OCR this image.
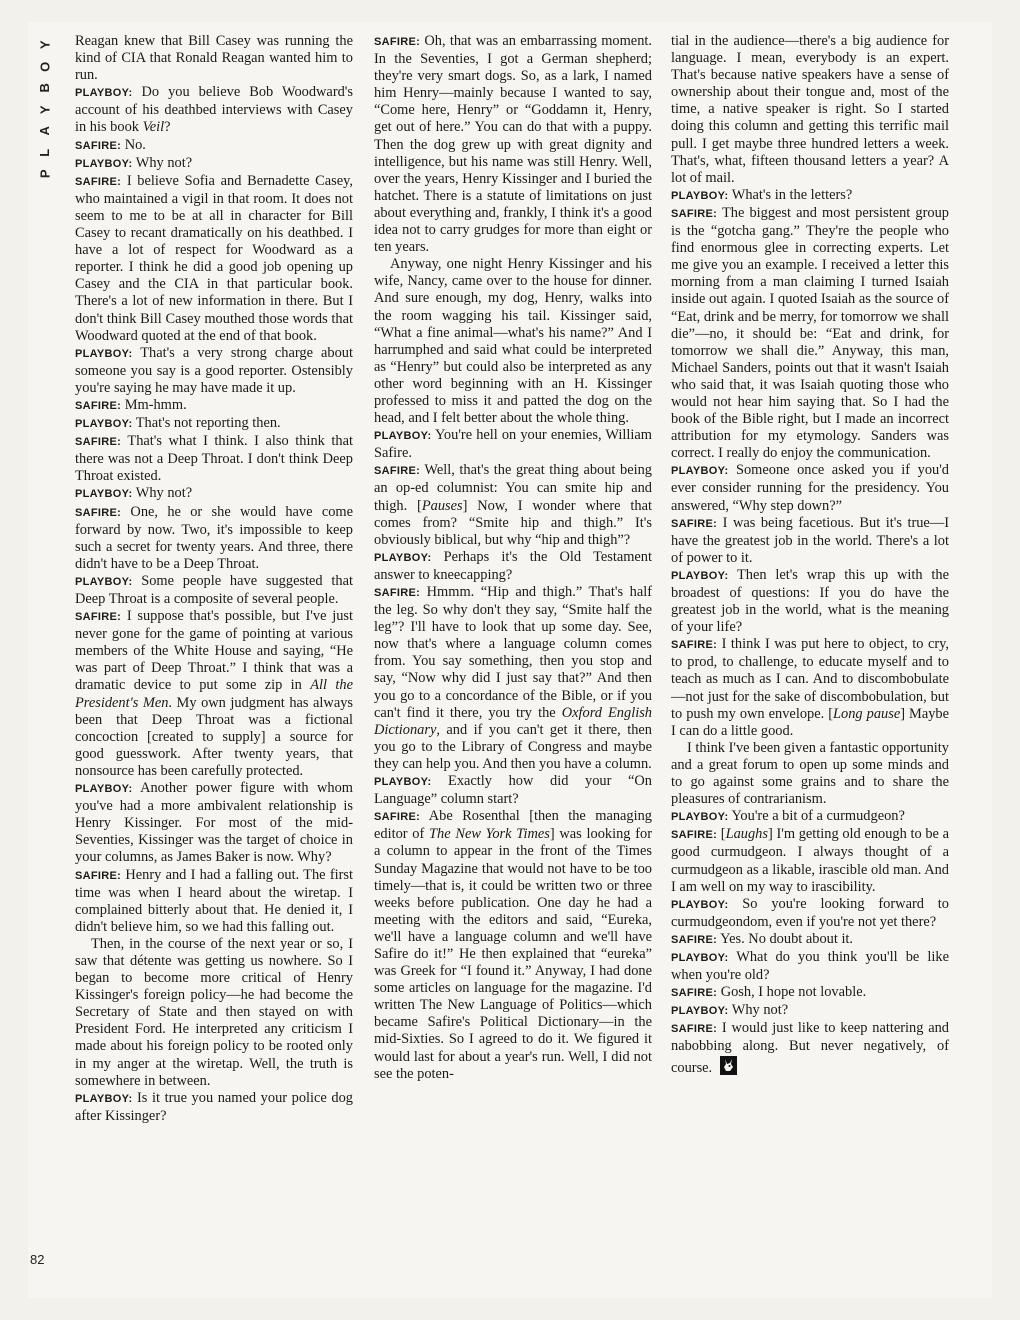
Y
O
B
Y
A
L
P

Reagan knew that Bill Casey was running the kind of CIA that Ronald Reagan wanted him to run.

PLAYBOY: Do you believe Bob Woodward's account of his deathbed interviews with Casey in his book Veil?

SAFIRE: No.

PLAYBOY: Why not?

SAFIRE: I believe Sofia and Bernadette Casey, who maintained a vigil in that room. It does not seem to me to be at all in character for Bill Casey to recant dramatically on his deathbed. I have a lot of respect for Woodward as a reporter. I think he did a good job opening up Casey and the CIA in that particular book. There's a lot of new information in there. But I don't think Bill Casey mouthed those words that Woodward quoted at the end of that book.

PLAYBOY: That's a very strong charge about someone you say is a good reporter. Ostensibly you're saying he may have made it up.

SAFIRE: Mm-hmm.

PLAYBOY: That's not reporting then.

SAFIRE: That's what I think. I also think that there was not a Deep Throat. I don't think Deep Throat existed.

PLAYBOY: Why not?

SAFIRE: One, he or she would have come forward by now. Two, it's impossible to keep such a secret for twenty years. And three, there didn't have to be a Deep Throat.

PLAYBOY: Some people have suggested that Deep Throat is a composite of several people.

SAFIRE: I suppose that's possible, but I've just never gone for the game of pointing at various members of the White House and saying, “He was part of Deep Throat.” I think that was a dramatic device to put some zip in All the President's Men. My own judgment has always been that Deep Throat was a fictional concoction [created to supply] a source for good guesswork. After twenty years, that nonsource has been carefully protected.

PLAYBOY: Another power figure with whom you've had a more ambivalent relationship is Henry Kissinger. For most of the mid-Seventies, Kissinger was the target of choice in your columns, as James Baker is now. Why?

SAFIRE: Henry and I had a falling out. The first time was when I heard about the wiretap. I complained bitterly about that. He denied it, I didn't believe him, so we had this falling out.

Then, in the course of the next year or so, I saw that détente was getting us nowhere. So I began to become more critical of Henry Kissinger's foreign policy—he had become the Secretary of State and then stayed on with President Ford. He interpreted any criticism I made about his foreign policy to be rooted only in my anger at the wiretap. Well, the truth is somewhere in between.

PLAYBOY: Is it true you named your police dog after Kissinger?

SAFIRE: Oh, that was an embarrassing moment. In the Seventies, I got a German shepherd; they're very smart dogs. So, as a lark, I named him Henry—mainly because I wanted to say, “Come here, Henry” or “Goddamn it, Henry, get out of here.” You can do that with a puppy. Then the dog grew up with great dignity and intelligence, but his name was still Henry. Well, over the years, Henry Kissinger and I buried the hatchet. There is a statute of limitations on just about everything and, frankly, I think it's a good idea not to carry grudges for more than eight or ten years.

Anyway, one night Henry Kissinger and his wife, Nancy, came over to the house for dinner. And sure enough, my dog, Henry, walks into the room wagging his tail. Kissinger said, “What a fine animal—what's his name?” And I harrumphed and said what could be interpreted as “Henry” but could also be interpreted as any other word beginning with an H. Kissinger professed to miss it and patted the dog on the head, and I felt better about the whole thing.

PLAYBOY: You're hell on your enemies, William Safire.

SAFIRE: Well, that's the great thing about being an op-ed columnist: You can smite hip and thigh. [Pauses] Now, I wonder where that comes from? “Smite hip and thigh.” It's obviously biblical, but why “hip and thigh”?

PLAYBOY: Perhaps it's the Old Testament answer to kneecapping?

SAFIRE: Hmmm. “Hip and thigh.” That's half the leg. So why don't they say, “Smite half the leg”? I'll have to look that up some day. See, now that's where a language column comes from. You say something, then you stop and say, “Now why did I just say that?” And then you go to a concordance of the Bible, or if you can't find it there, you try the Oxford English Dictionary, and if you can't get it there, then you go to the Library of Congress and maybe they can help you. And then you have a column.

PLAYBOY: Exactly how did your “On Language” column start?

SAFIRE: Abe Rosenthal [then the managing editor of The New York Times] was looking for a column to appear in the front of the Times Sunday Magazine that would not have to be too timely—that is, it could be written two or three weeks before publication. One day he had a meeting with the editors and said, “Eureka, we'll have a language column and we'll have Safire do it!” He then explained that “eureka” was Greek for “I found it.” Anyway, I had done some articles on language for the magazine. I'd written The New Language of Politics—which became Safire's Political Dictionary—in the mid-Sixties. So I agreed to do it. We figured it would last for about a year's run. Well, I did not see the poten-

tial in the audience—there's a big audience for language. I mean, everybody is an expert. That's because native speakers have a sense of ownership about their tongue and, most of the time, a native speaker is right. So I started doing this column and getting this terrific mail pull. I get maybe three hundred letters a week. That's, what, fifteen thousand letters a year? A lot of mail.

PLAYBOY: What's in the letters?

SAFIRE: The biggest and most persistent group is the “gotcha gang.” They're the people who find enormous glee in correcting experts. Let me give you an example. I received a letter this morning from a man claiming I turned Isaiah inside out again. I quoted Isaiah as the source of “Eat, drink and be merry, for tomorrow we shall die”—no, it should be: “Eat and drink, for tomorrow we shall die.” Anyway, this man, Michael Sanders, points out that it wasn't Isaiah who said that, it was Isaiah quoting those who would not hear him saying that. So I had the book of the Bible right, but I made an incorrect attribution for my etymology. Sanders was correct. I really do enjoy the communication.

PLAYBOY: Someone once asked you if you'd ever consider running for the presidency. You answered, “Why step down?”

SAFIRE: I was being facetious. But it's true—I have the greatest job in the world. There's a lot of power to it.

PLAYBOY: Then let's wrap this up with the broadest of questions: If you do have the greatest job in the world, what is the meaning of your life?

SAFIRE: I think I was put here to object, to cry, to prod, to challenge, to educate myself and to teach as much as I can. And to discombobulate—not just for the sake of discombobulation, but to push my own envelope. [Long pause] Maybe I can do a little good.

I think I've been given a fantastic opportunity and a great forum to open up some minds and to go against some grains and to share the pleasures of contrarianism.

PLAYBOY: You're a bit of a curmudgeon?

SAFIRE: [Laughs] I'm getting old enough to be a good curmudgeon. I always thought of a curmudgeon as a likable, irascible old man. And I am well on my way to irascibility.

PLAYBOY: So you're looking forward to curmudgeondom, even if you're not yet there?

SAFIRE: Yes. No doubt about it.

PLAYBOY: What do you think you'll be like when you're old?

SAFIRE: Gosh, I hope not lovable.

PLAYBOY: Why not?

SAFIRE: I would just like to keep nattering and nabobbing along. But never negatively, of course.

82
